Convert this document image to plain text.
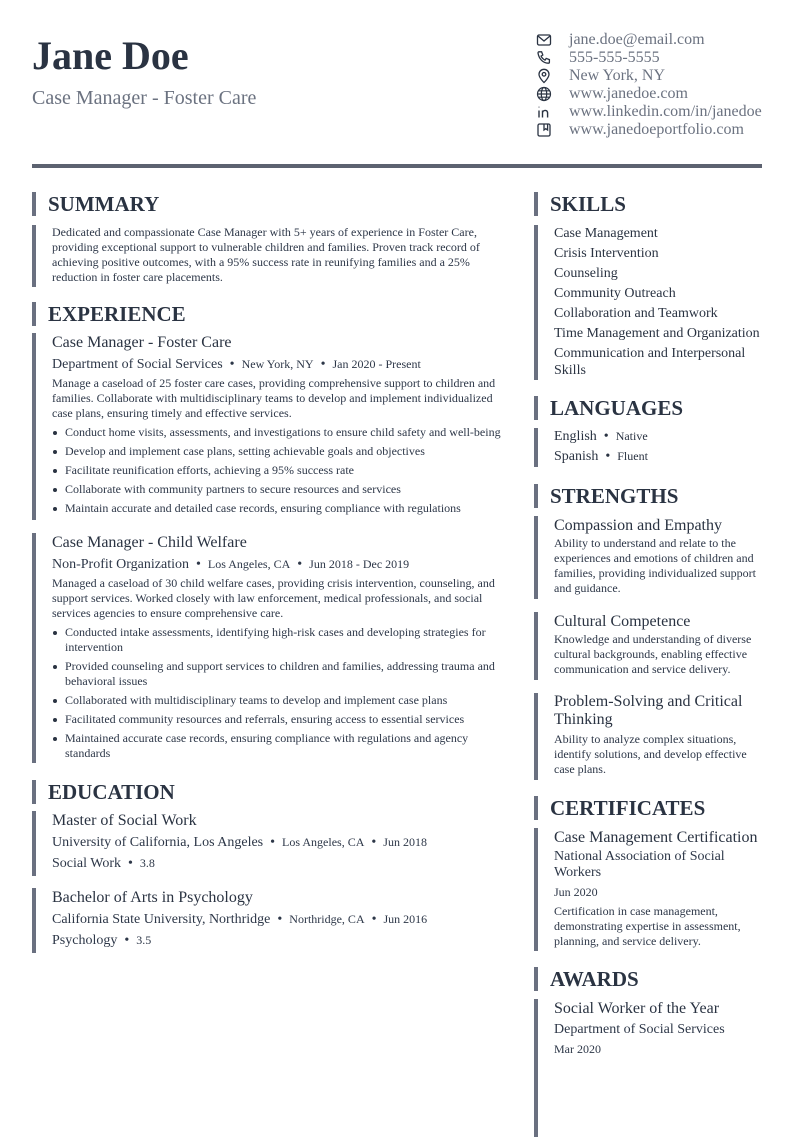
Jane Doe
Case Manager - Foster Care
jane.doe@email.com
555-555-5555
New York, NY
www.janedoe.com
www.linkedin.com/in/janedoe
www.janedoeportfolio.com
SUMMARY
Dedicated and compassionate Case Manager with 5+ years of experience in Foster Care, providing exceptional support to vulnerable children and families. Proven track record of achieving positive outcomes, with a 95% success rate in reunifying families and a 25% reduction in foster care placements.
EXPERIENCE
Case Manager - Foster Care
Department of Social Services • New York, NY • Jan 2020 - Present
Manage a caseload of 25 foster care cases, providing comprehensive support to children and families. Collaborate with multidisciplinary teams to develop and implement individualized case plans, ensuring timely and effective services.
Conduct home visits, assessments, and investigations to ensure child safety and well-being
Develop and implement case plans, setting achievable goals and objectives
Facilitate reunification efforts, achieving a 95% success rate
Collaborate with community partners to secure resources and services
Maintain accurate and detailed case records, ensuring compliance with regulations
Case Manager - Child Welfare
Non-Profit Organization • Los Angeles, CA • Jun 2018 - Dec 2019
Managed a caseload of 30 child welfare cases, providing crisis intervention, counseling, and support services. Worked closely with law enforcement, medical professionals, and social services agencies to ensure comprehensive care.
Conducted intake assessments, identifying high-risk cases and developing strategies for intervention
Provided counseling and support services to children and families, addressing trauma and behavioral issues
Collaborated with multidisciplinary teams to develop and implement case plans
Facilitated community resources and referrals, ensuring access to essential services
Maintained accurate case records, ensuring compliance with regulations and agency standards
EDUCATION
Master of Social Work
University of California, Los Angeles • Los Angeles, CA • Jun 2018
Social Work • 3.8
Bachelor of Arts in Psychology
California State University, Northridge • Northridge, CA • Jun 2016
Psychology • 3.5
SKILLS
Case Management
Crisis Intervention
Counseling
Community Outreach
Collaboration and Teamwork
Time Management and Organization
Communication and Interpersonal Skills
LANGUAGES
English • Native
Spanish • Fluent
STRENGTHS
Compassion and Empathy
Ability to understand and relate to the experiences and emotions of children and families, providing individualized support and guidance.
Cultural Competence
Knowledge and understanding of diverse cultural backgrounds, enabling effective communication and service delivery.
Problem-Solving and Critical Thinking
Ability to analyze complex situations, identify solutions, and develop effective case plans.
CERTIFICATES
Case Management Certification
National Association of Social Workers
Jun 2020
Certification in case management, demonstrating expertise in assessment, planning, and service delivery.
AWARDS
Social Worker of the Year
Department of Social Services
Mar 2020
